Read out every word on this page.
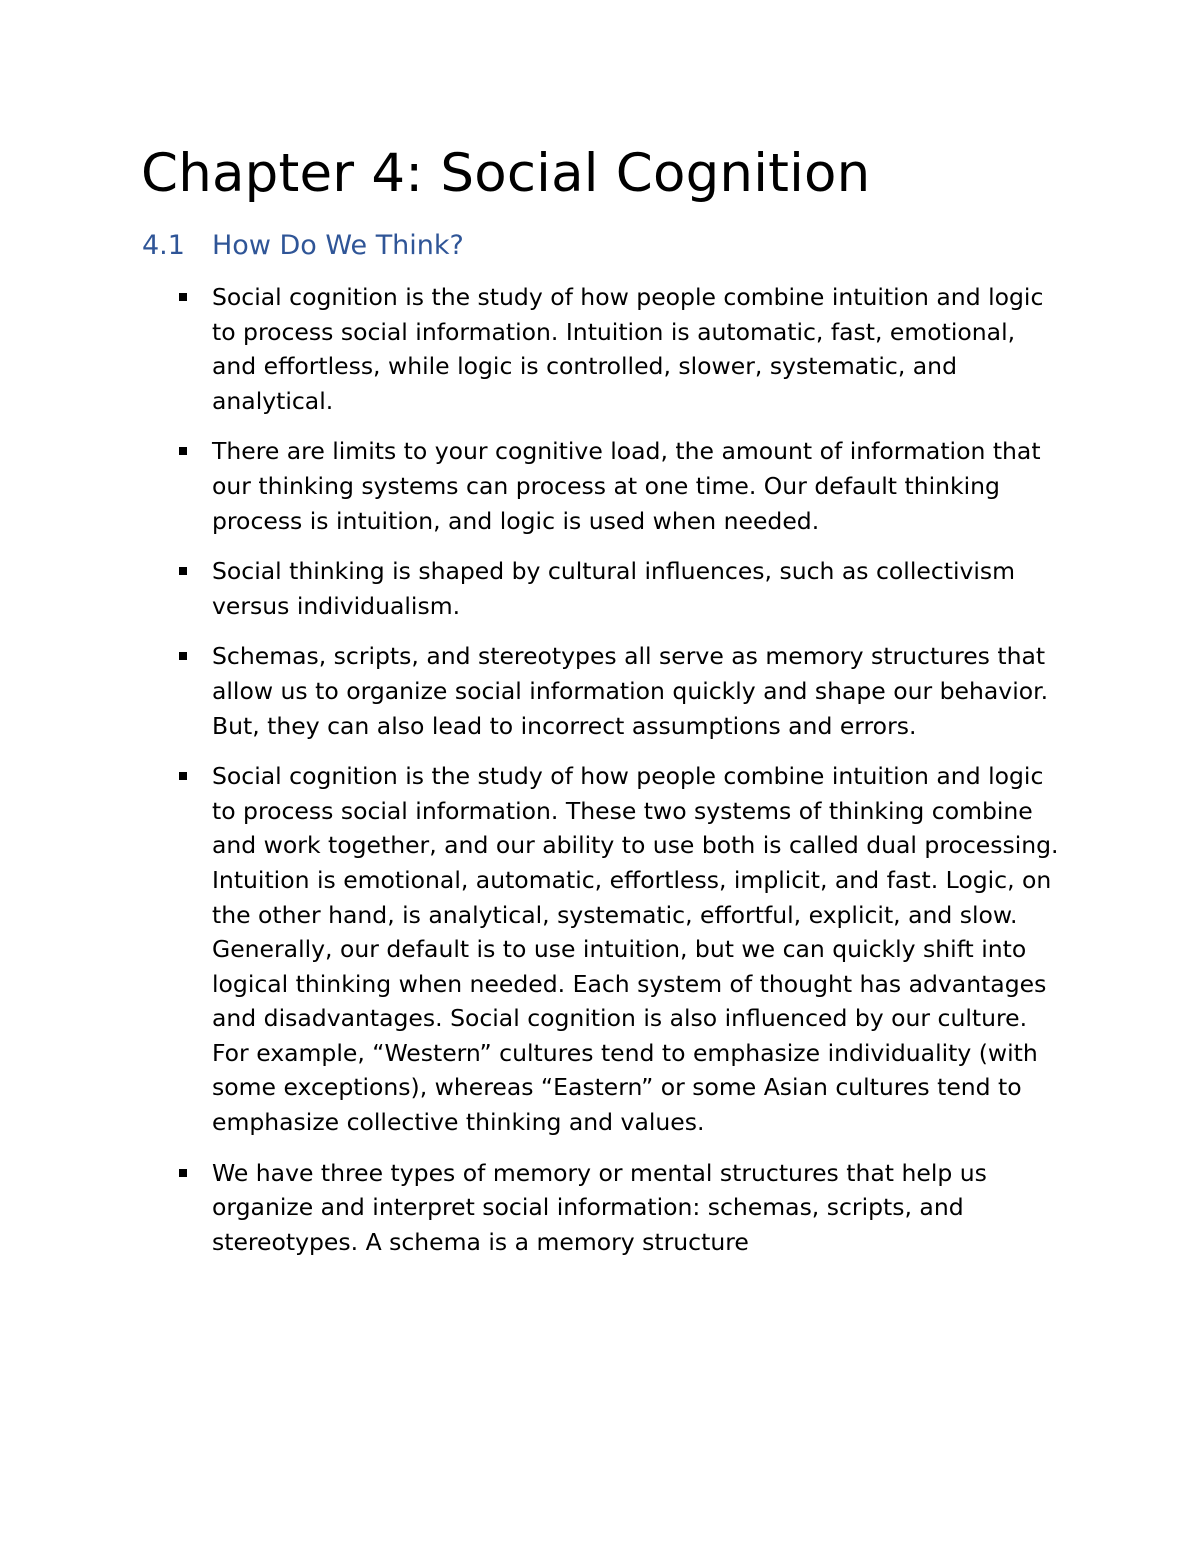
Chapter 4: Social Cognition
4.1 How Do We Think?

Social cognition is the study of how people combine intuition and logic to process social information. Intuition is automatic, fast, emotional, and effortless, while logic is controlled, slower, systematic, and analytical.

There are limits to your cognitive load, the amount of information that our thinking systems can process at one time. Our default thinking process is intuition, and logic is used when needed.

Social thinking is shaped by cultural influences, such as collectivism versus individualism.

Schemas, scripts, and stereotypes all serve as memory structures that allow us to organize social information quickly and shape our behavior. But, they can also lead to incorrect assumptions and errors.

Social cognition is the study of how people combine intuition and logic to process social information. These two systems of thinking combine and work together, and our ability to use both is called dual processing. Intuition is emotional, automatic, effortless, implicit, and fast. Logic, on the other hand, is analytical, systematic, effortful, explicit, and slow. Generally, our default is to use intuition, but we can quickly shift into logical thinking when needed. Each system of thought has advantages and disadvantages. Social cognition is also influenced by our culture. For example, “Western” cultures tend to emphasize individuality (with some exceptions), whereas “Eastern” or some Asian cultures tend to emphasize collective thinking and values.

We have three types of memory or mental structures that help us organize and interpret social information: schemas, scripts, and stereotypes. A schema is a memory structure
